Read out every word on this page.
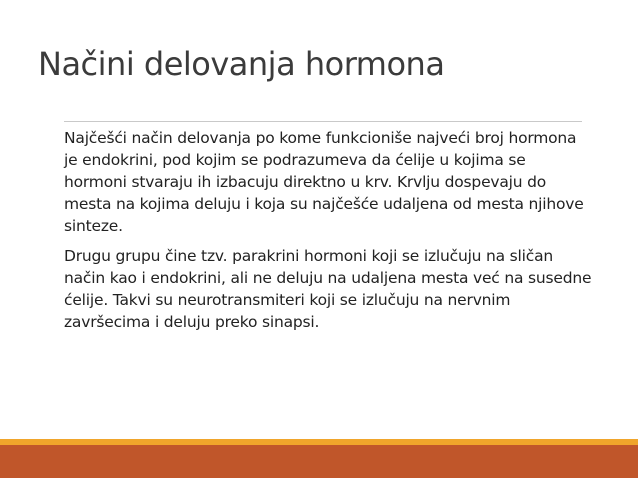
Načini delovanja hormona

Najčešći način delovanja po kome funkcioniše najveći broj hormona je endokrini, pod kojim se podrazumeva da ćelije u kojima se hormoni stvaraju ih izbacuju direktno u krv. Krvlju dospevaju do mesta na kojima deluju i koja su najčešće udaljena od mesta njihove sinteze.

Drugu grupu čine tzv. parakrini hormoni koji se izlučuju na sličan način kao i endokrini, ali ne deluju na udaljena mesta već na susedne ćelije. Takvi su neurotransmiteri koji se izlučuju na nervnim završecima i deluju preko sinapsi.
